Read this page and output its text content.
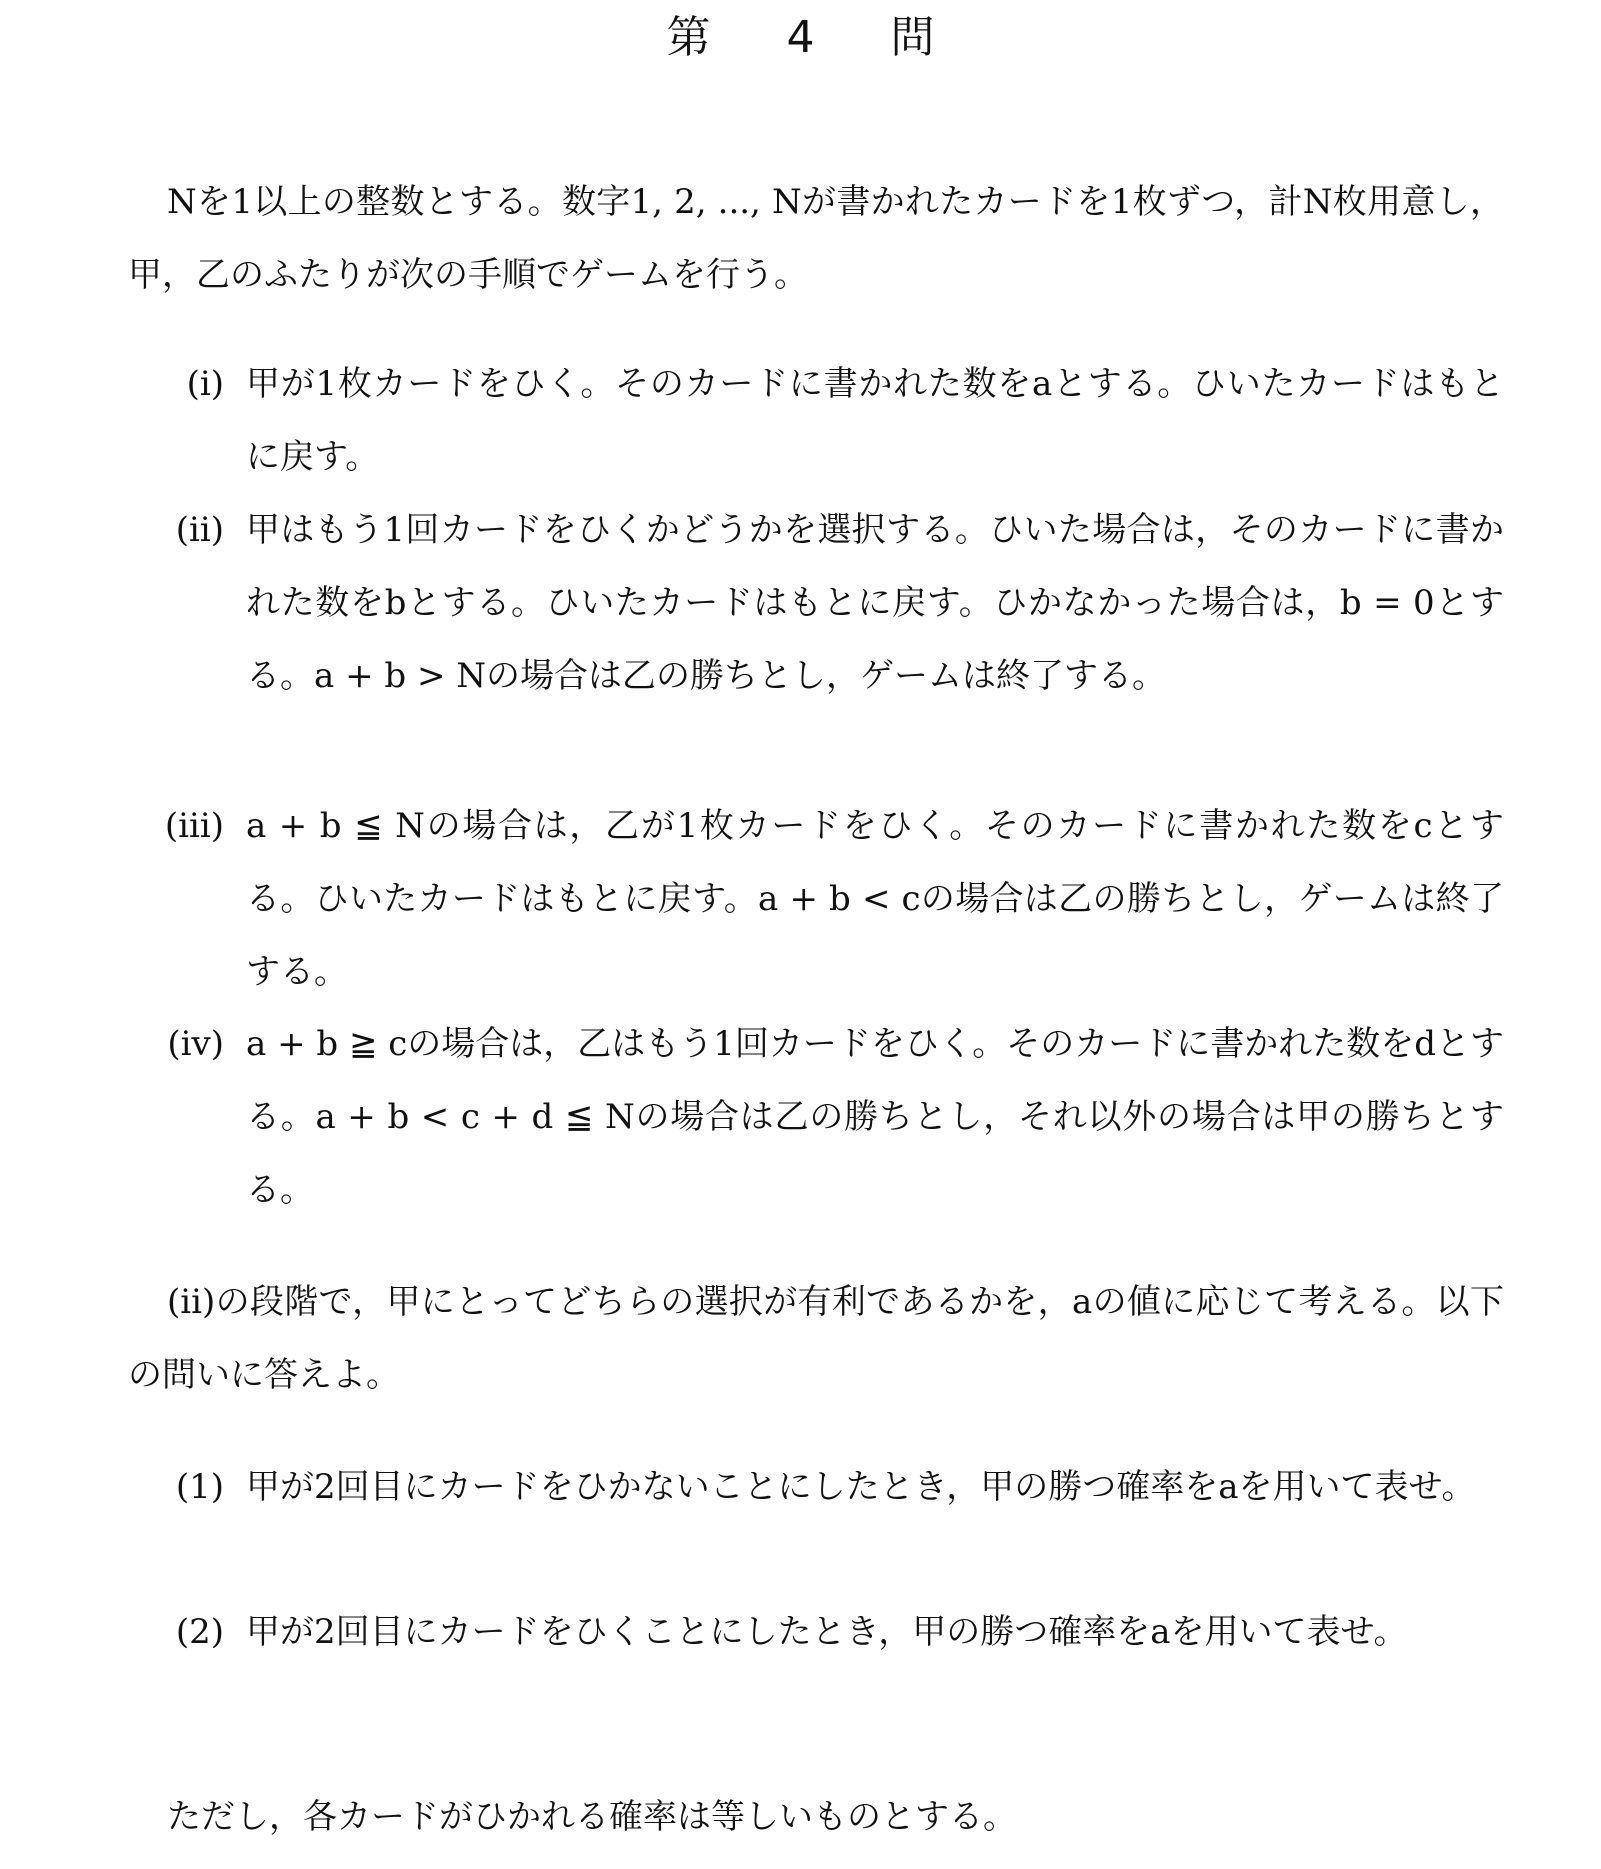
第 4 問
Nを1以上の整数とする。数字1, 2, ..., Nが書かれたカードを1枚ずつ，計N枚用意し，甲，乙のふたりが次の手順でゲームを行う。
(i) 甲が1枚カードをひく。そのカードに書かれた数をaとする。ひいたカードはもとに戻す。
(ii) 甲はもう1回カードをひくかどうかを選択する。ひいた場合は，そのカードに書かれた数をbとする。ひいたカードはもとに戻す。ひかなかった場合は，b = 0とする。a + b > Nの場合は乙の勝ちとし，ゲームは終了する。
(iii) a + b ≦ Nの場合は，乙が1枚カードをひく。そのカードに書かれた数をcとする。ひいたカードはもとに戻す。a + b < cの場合は乙の勝ちとし，ゲームは終了する。
(iv) a + b ≧ cの場合は，乙はもう1回カードをひく。そのカードに書かれた数をdとする。a + b < c + d ≦ Nの場合は乙の勝ちとし，それ以外の場合は甲の勝ちとする。
(ii)の段階で，甲にとってどちらの選択が有利であるかを，aの値に応じて考える。以下の問いに答えよ。
(1) 甲が2回目にカードをひかないことにしたとき，甲の勝つ確率をaを用いて表せ。
(2) 甲が2回目にカードをひくことにしたとき，甲の勝つ確率をaを用いて表せ。
ただし，各カードがひかれる確率は等しいものとする。
